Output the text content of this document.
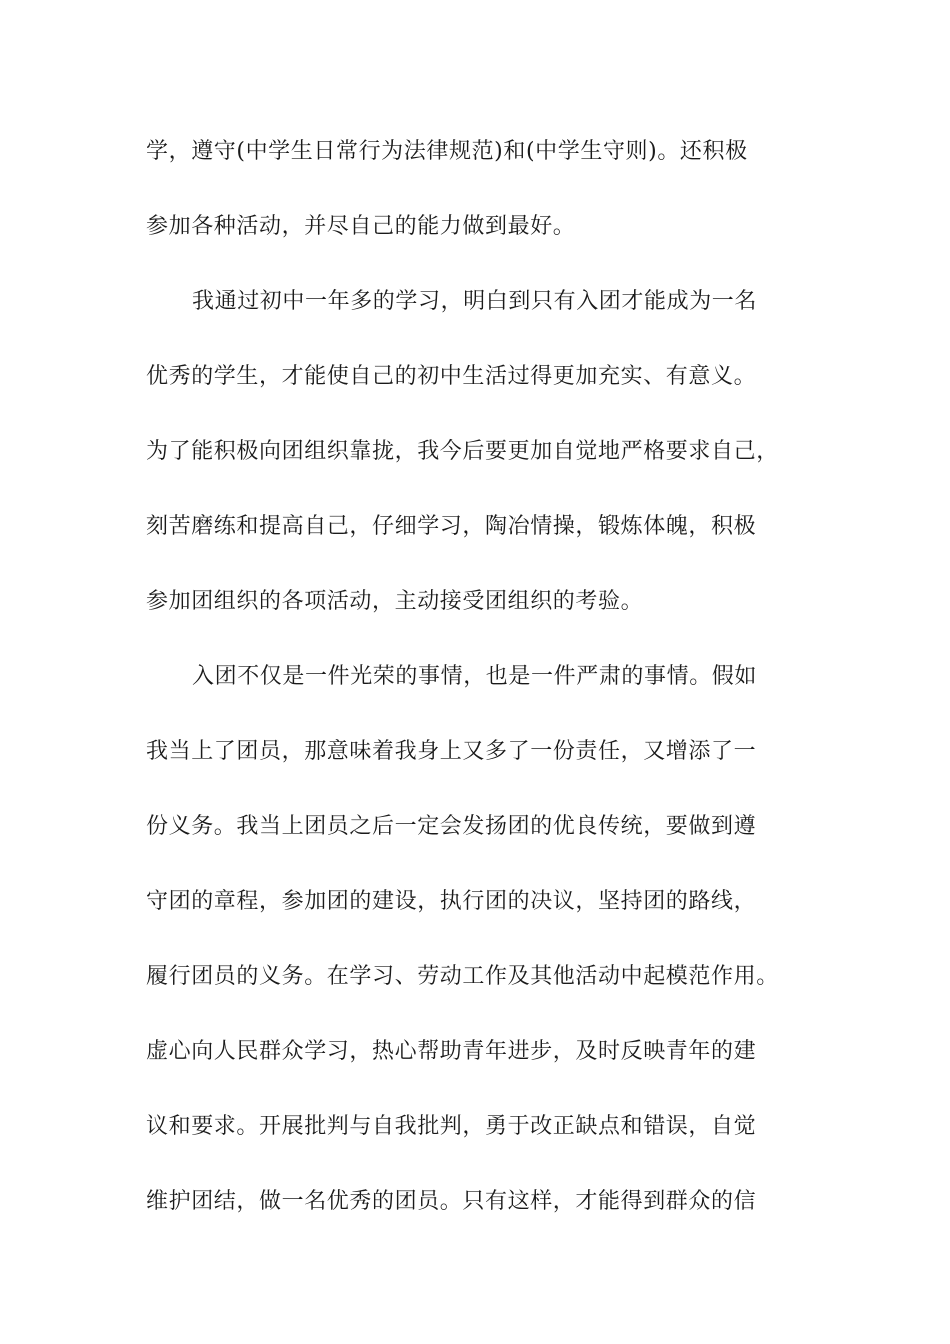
学，遵守(中学生日常行为法律规范)和(中学生守则)。还积极
参加各种活动，并尽自己的能力做到最好。
我通过初中一年多的学习，明白到只有入团才能成为一名
优秀的学生，才能使自己的初中生活过得更加充实、有意义。
为了能积极向团组织靠拢，我今后要更加自觉地严格要求自己，
刻苦磨练和提高自己，仔细学习，陶冶情操，锻炼体魄，积极
参加团组织的各项活动，主动接受团组织的考验。
入团不仅是一件光荣的事情，也是一件严肃的事情。假如
我当上了团员，那意味着我身上又多了一份责任，又增添了一
份义务。我当上团员之后一定会发扬团的优良传统，要做到遵
守团的章程，参加团的建设，执行团的决议，坚持团的路线，
履行团员的义务。在学习、劳动工作及其他活动中起模范作用。
虚心向人民群众学习，热心帮助青年进步，及时反映青年的建
议和要求。开展批判与自我批判，勇于改正缺点和错误，自觉
维护团结，做一名优秀的团员。只有这样，才能得到群众的信
